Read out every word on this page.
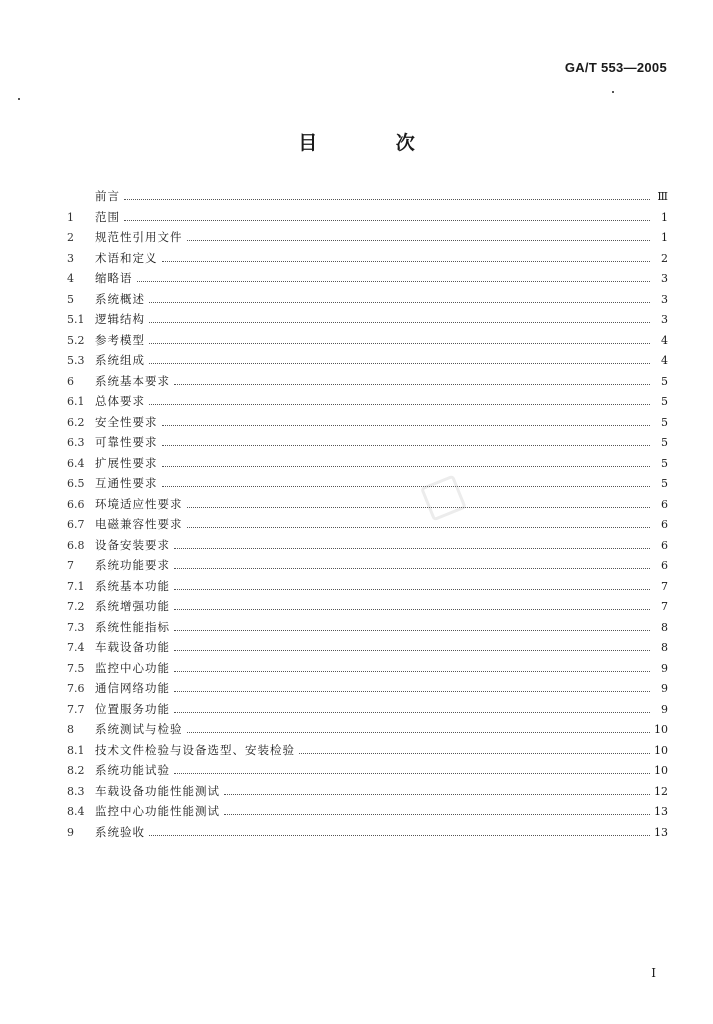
GA/T 553—2005
目 次
前言	Ⅲ
1	范围	1
2	规范性引用文件	1
3	术语和定义	2
4	缩略语	3
5	系统概述	3
5.1 逻辑结构	3
5.2 参考模型	4
5.3 系统组成	4
6	系统基本要求	5
6.1 总体要求	5
6.2 安全性要求	5
6.3 可靠性要求	5
6.4 扩展性要求	5
6.5 互通性要求	5
6.6 环境适应性要求	6
6.7 电磁兼容性要求	6
6.8 设备安装要求	6
7	系统功能要求	6
7.1 系统基本功能	7
7.2 系统增强功能	7
7.3 系统性能指标	8
7.4 车载设备功能	8
7.5 监控中心功能	9
7.6 通信网络功能	9
7.7 位置服务功能	9
8	系统测试与检验	10
8.1 技术文件检验与设备选型、安装检验	10
8.2 系统功能试验	10
8.3 车载设备功能性能测试	12
8.4 监控中心功能性能测试	13
9	系统验收	13
I
